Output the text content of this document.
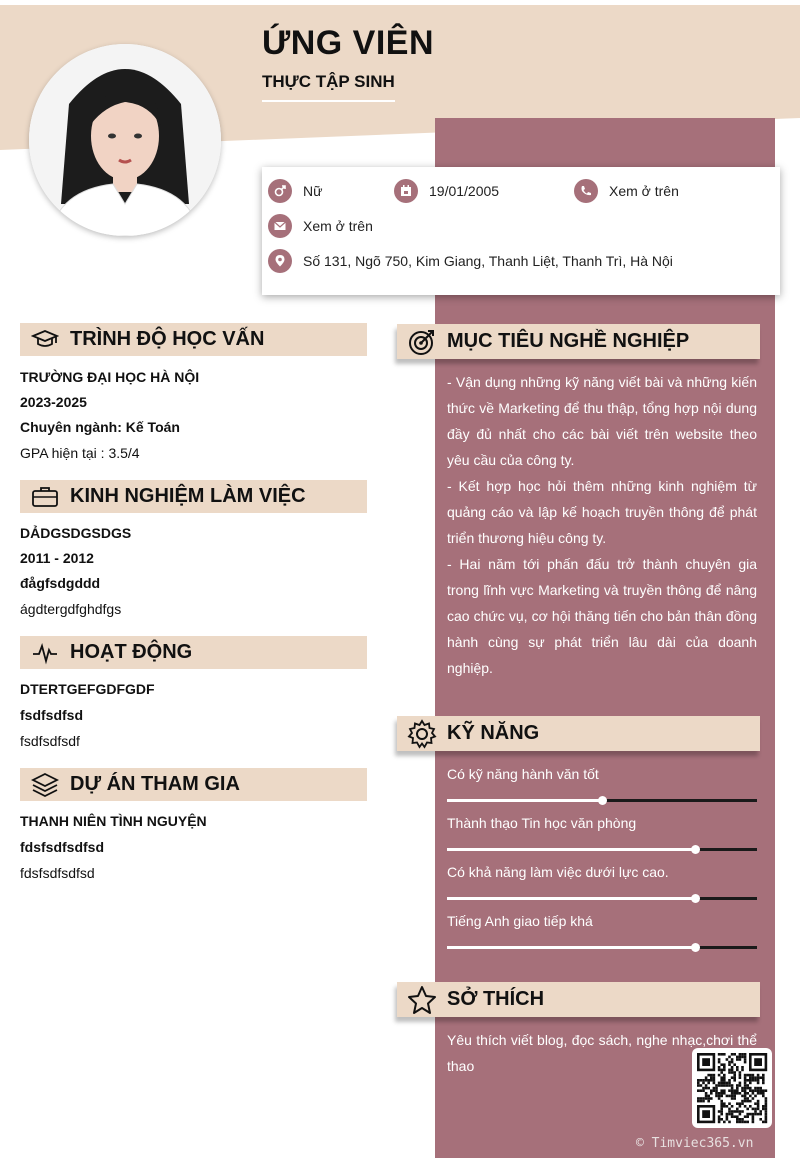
ỨNG VIÊN
THỰC TẬP SINH
Nữ	19/01/2005	Xem ở trên
Xem ở trên
Số 131, Ngõ 750, Kim Giang, Thanh Liệt, Thanh Trì, Hà Nội
TRÌNH ĐỘ HỌC VẤN
TRƯỜNG ĐẠI HỌC HÀ NỘI
2023-2025
Chuyên ngành: Kế Toán
GPA hiện tại : 3.5/4
KINH NGHIỆM LÀM VIỆC
DẢDGSDGSDGS
2011 - 2012
đågfsdgddd
ágdtergdfghdfgs
HOẠT ĐỘNG
DTERTGEFGDFGDF
fsdfsdfsd
fsdfsdfsdf
DỰ ÁN THAM GIA
THANH NIÊN TÌNH NGUYỆN
fdsfsdfsdfsd
fdsfsdfsdfsd
MỤC TIÊU NGHỀ NGHIỆP
- Vận dụng những kỹ năng viết bài và những kiến thức về Marketing để thu thập, tổng hợp nội dung đầy đủ nhất cho các bài viết trên website theo yêu cầu của công ty.
- Kết hợp học hỏi thêm những kinh nghiệm từ quảng cáo và lập kế hoạch truyền thông để phát triển thương hiệu công ty.
- Hai năm tới phấn đấu trở thành chuyên gia trong lĩnh vực Marketing và truyền thông để nâng cao chức vụ, cơ hội thăng tiến cho bản thân đồng hành cùng sự phát triển lâu dài của doanh nghiệp.
KỸ NĂNG
Có kỹ năng hành văn tốt
Thành thạo Tin học văn phòng
Có khả năng làm việc dưới lực cao.
Tiếng Anh giao tiếp khá
SỞ THÍCH
Yêu thích viết blog, đọc sách, nghe nhạc,chơi thể thao
© Timviec365.vn
